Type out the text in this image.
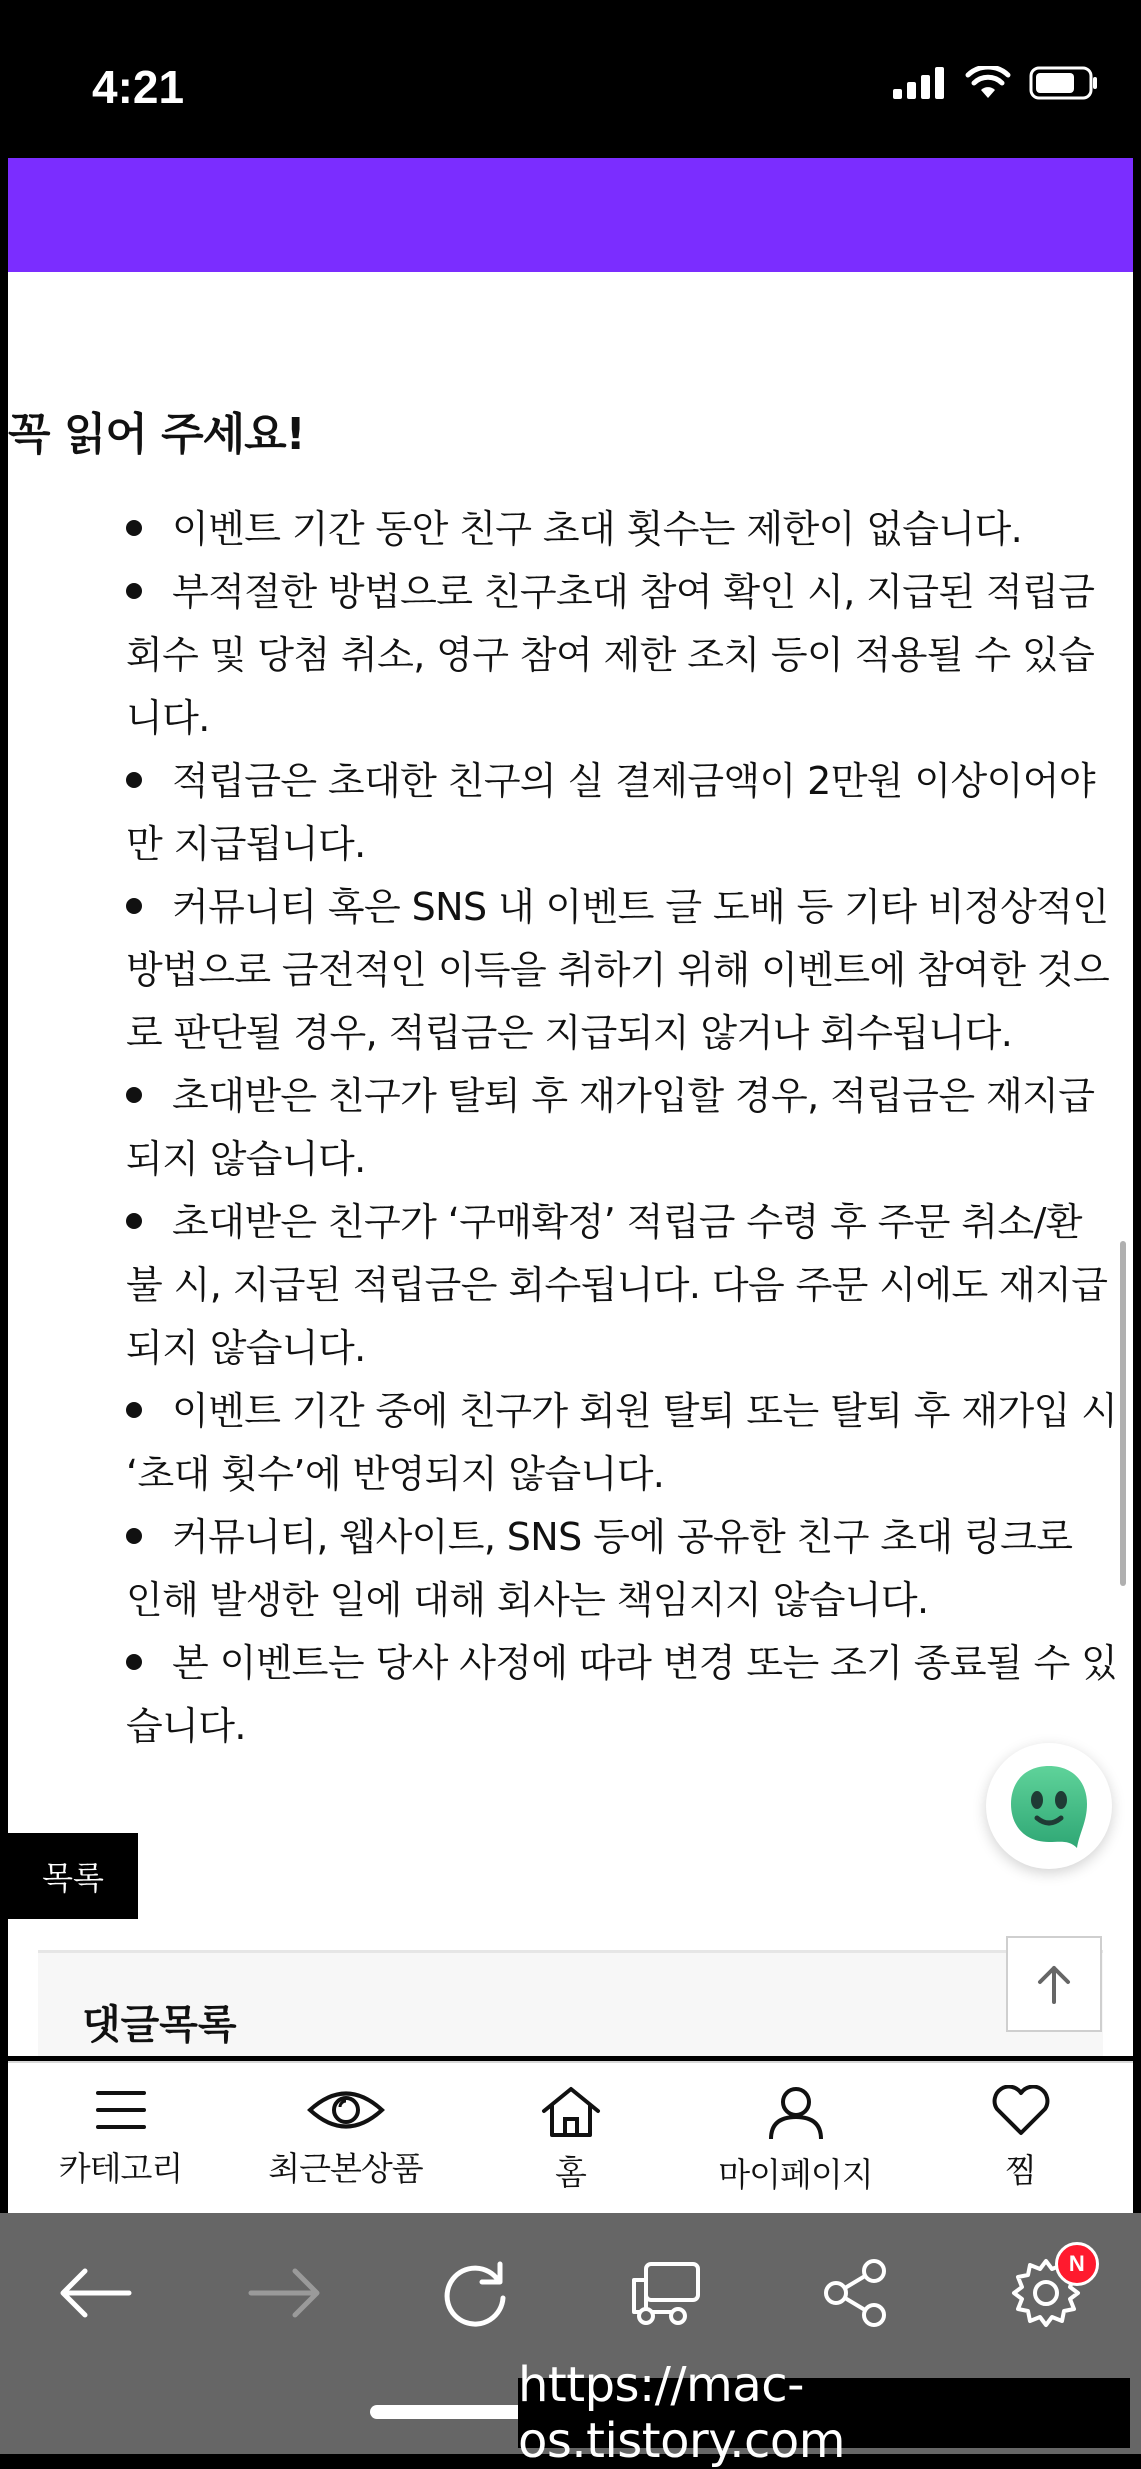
4:21
꼭 읽어 주세요!
이벤트 기간 동안 친구 초대 횟수는 제한이 없습니다.
부적절한 방법으로 친구초대 참여 확인 시, 지급된 적립금
회수 및 당첨 취소, 영구 참여 제한 조치 등이 적용될 수 있습
니다.
적립금은 초대한 친구의 실 결제금액이 2만원 이상이어야
만 지급됩니다.
커뮤니티 혹은 SNS 내 이벤트 글 도배 등 기타 비정상적인
방법으로 금전적인 이득을 취하기 위해 이벤트에 참여한 것으
로 판단될 경우, 적립금은 지급되지 않거나 회수됩니다.
초대받은 친구가 탈퇴 후 재가입할 경우, 적립금은 재지급
되지 않습니다.
초대받은 친구가 ‘구매확정’ 적립금 수령 후 주문 취소/환
불 시, 지급된 적립금은 회수됩니다. 다음 주문 시에도 재지급
되지 않습니다.
이벤트 기간 중에 친구가 회원 탈퇴 또는 탈퇴 후 재가입 시
‘초대 횟수’에 반영되지 않습니다.
커뮤니티, 웹사이트, SNS 등에 공유한 친구 초대 링크로
인해 발생한 일에 대해 회사는 책임지지 않습니다.
본 이벤트는 당사 사정에 따라 변경 또는 조기 종료될 수 있
습니다.
목록
댓글목록
카테고리	최근본상품	홈	마이페이지	찜
N
https://mac-os.tistory.com
